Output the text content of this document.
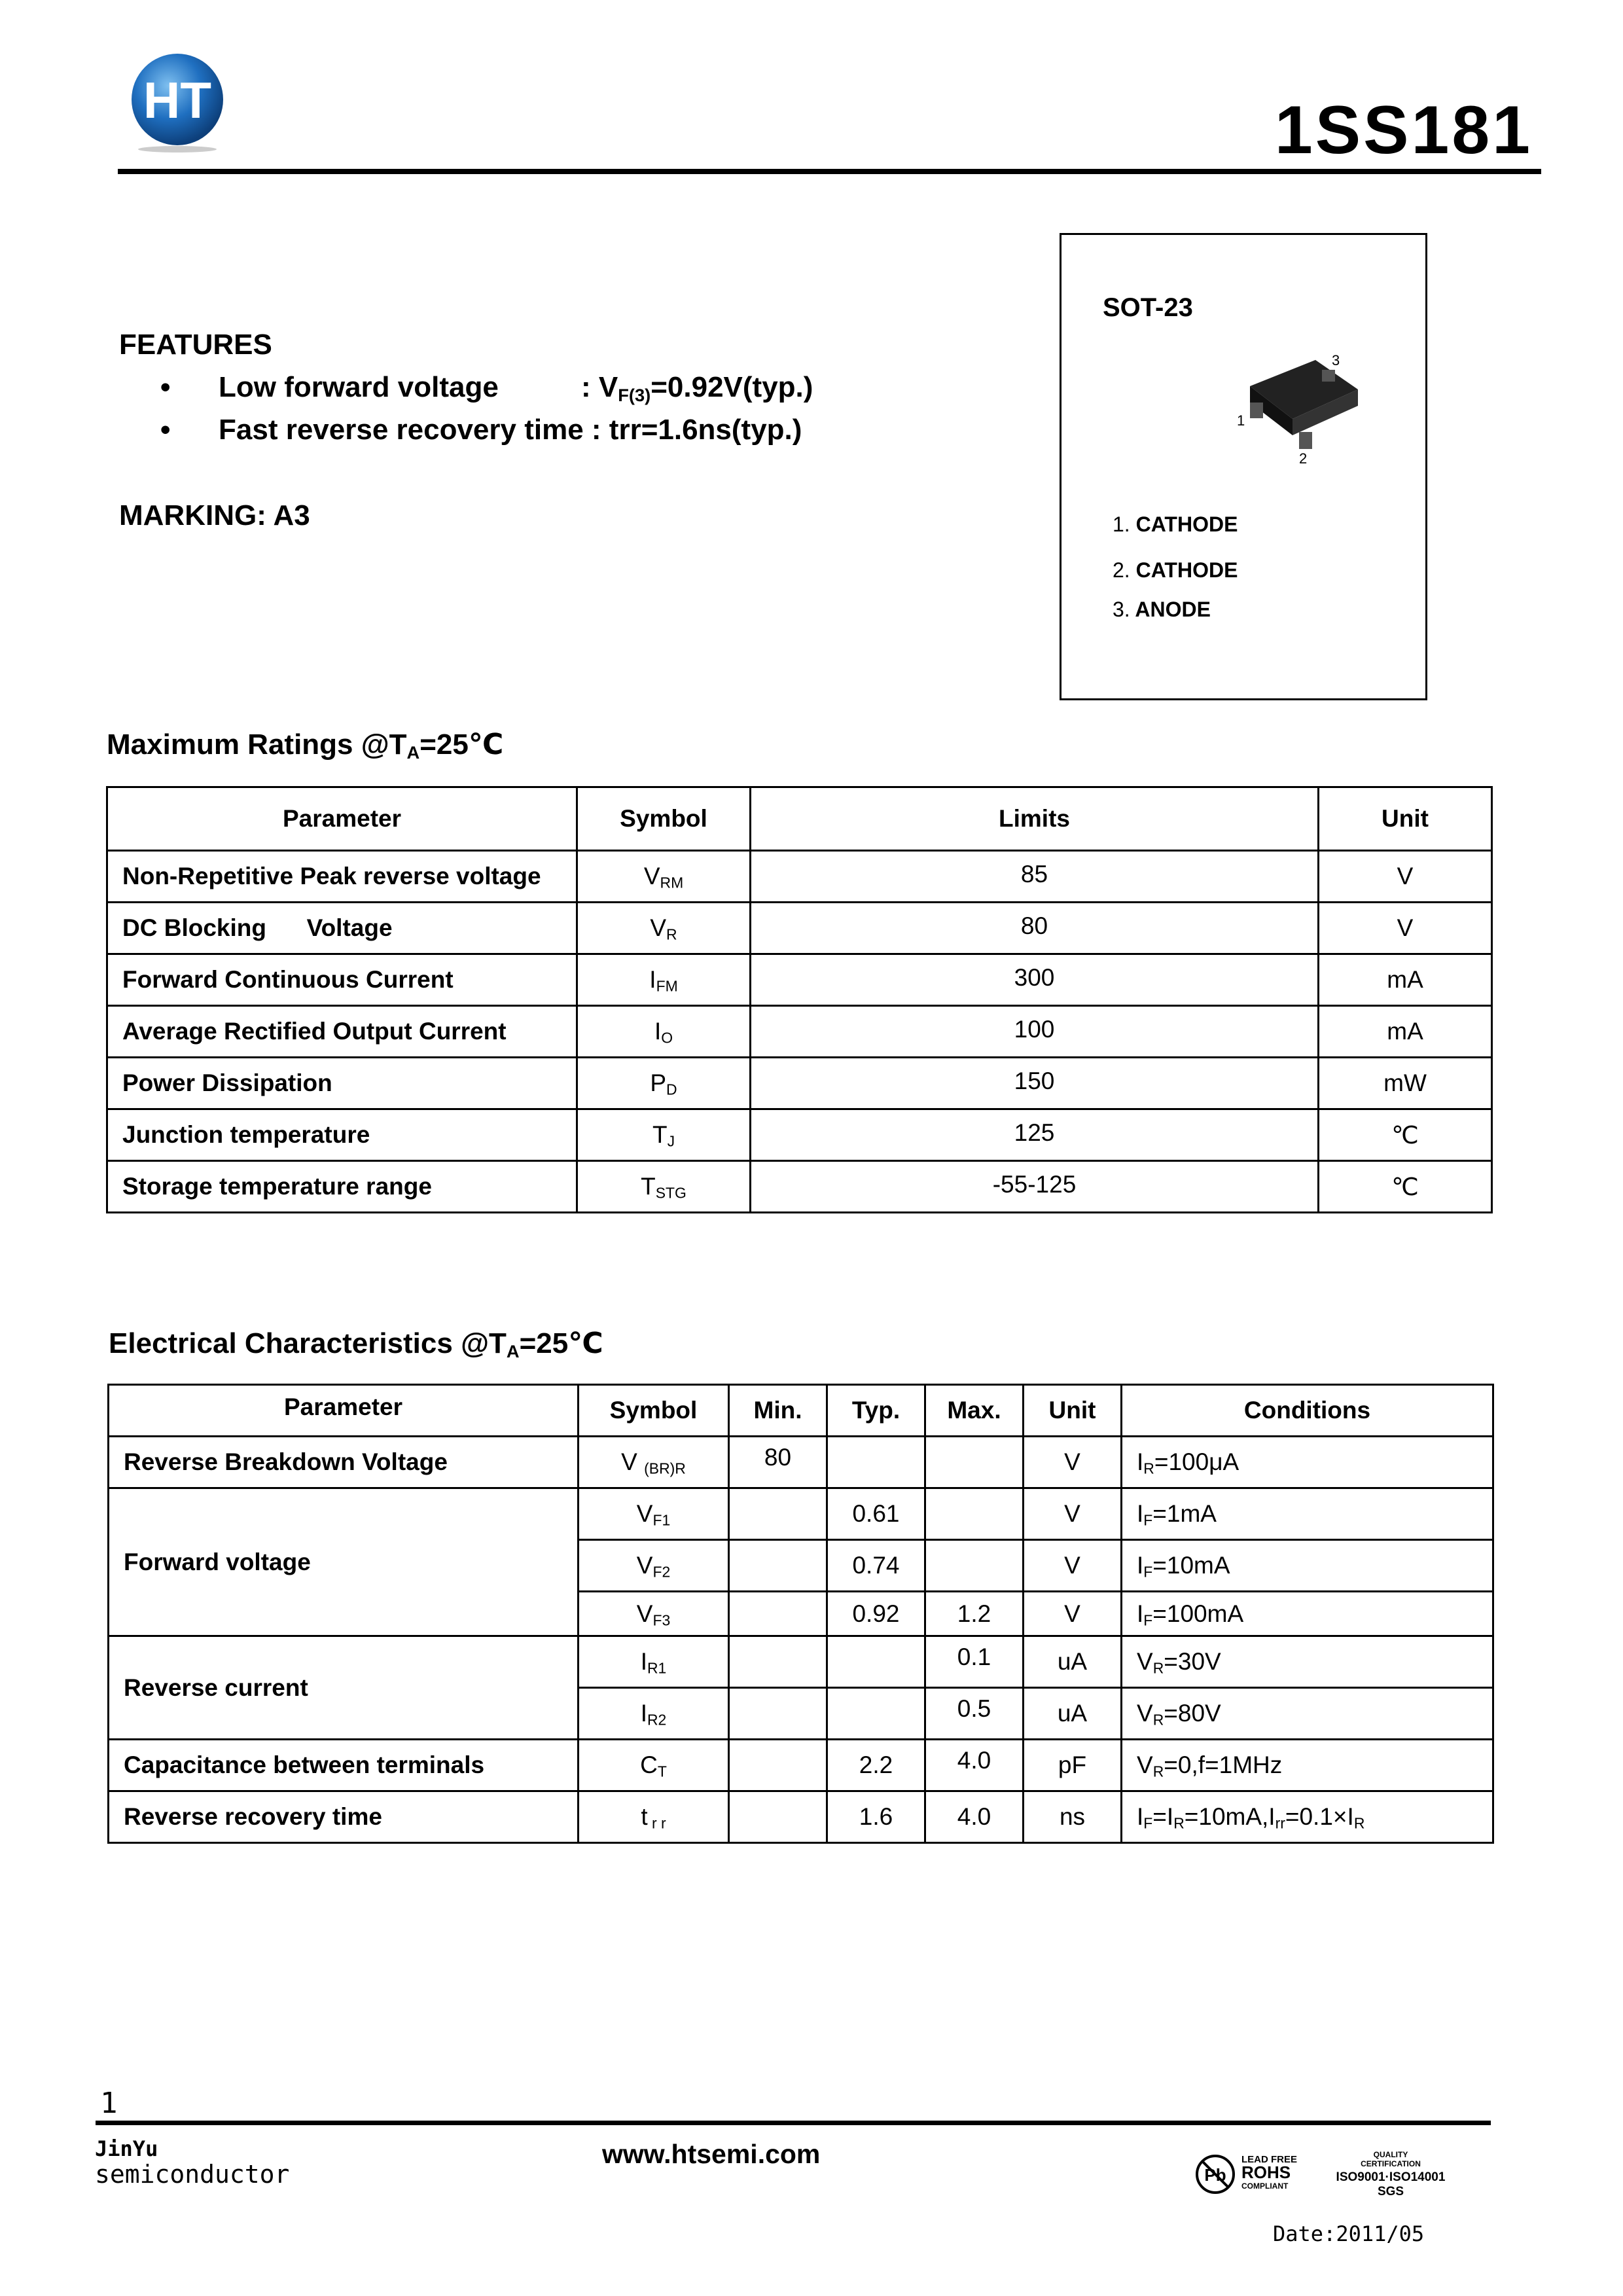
HT	1SS181
FEATURES
• Low forward voltage	: $V_{F(3)}=0.92V(typ.)$
• Fast reverse recovery time : trr=1.6ns(typ.)
MARKING: A3
SOT-23
3
1
2
1. CATHODE
2. CATHODE
3. ANODE
Maximum Ratings $@T_A=25℃$
Parameter	Symbol	Limits	Unit
Non-Repetitive Peak reverse voltage	$V_{RM}$	85	V
DC Blocking      Voltage	$V_R$	80	V
Forward Continuous Current	$I_{FM}$	300	mA
Average Rectified Output Current	$I_O$	100	mA
Power Dissipation	$P_D$	150	mW
Junction temperature	$T_J$	125	℃
Storage temperature range	$T_{STG}$	-55-125	℃
Electrical Characteristics $@T_A=25℃$
Parameter	Symbol	Min.	Typ.	Max.	Unit	Conditions
Reverse Breakdown Voltage	V $_{(BR)R}$	80			V	$I_R=100\mu A$
Forward voltage	$V_{F1}$		0.61		V	$I_F=1mA$
	$V_{F2}$		0.74		V	$I_F=10mA$
	$V_{F3}$		0.92	1.2	V	$I_F=100mA$
Reverse current	$I_{R1}$			0.1	uA	$V_R=30V$
	$I_{R2}$			0.5	uA	$V_R=80V$
Capacitance between terminals	$C_T$		2.2	4.0	pF	$V_R=0,f=1MHz$
Reverse recovery time	t $_{r r}$		1.6	4.0	ns	$I_F=I_R=10mA,I_{rr}=0.1\times I_R$
1
JinYu
semiconductor
www.htsemi.com
Pb
LEAD FREE
ROHS
COMPLIANT
QUALITY
CERTIFICATION
ISO9001·ISO14001
SGS
Date:2011/05
